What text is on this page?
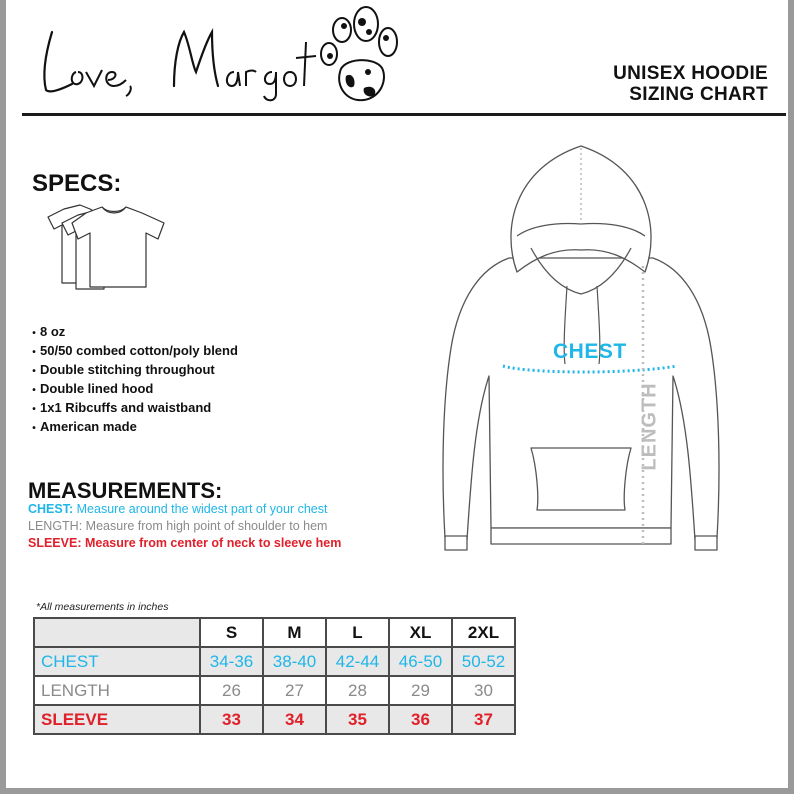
UNISEX HOODIE
SIZING CHART
SPECS:
• 8 oz
• 50/50 combed cotton/poly blend
• Double stitching throughout
• Double lined hood
• 1x1 Ribcuffs and waistband
• American made
MEASUREMENTS:
CHEST: Measure around the widest part of your chest
LENGTH: Measure from high point of shoulder to hem
SLEEVE: Measure from center of neck to sleeve hem
CHEST
LENGTH
*All measurements in inches
	S	M	L	XL	2XL
CHEST	34-36	38-40	42-44	46-50	50-52
LENGTH	26	27	28	29	30
SLEEVE	33	34	35	36	37
